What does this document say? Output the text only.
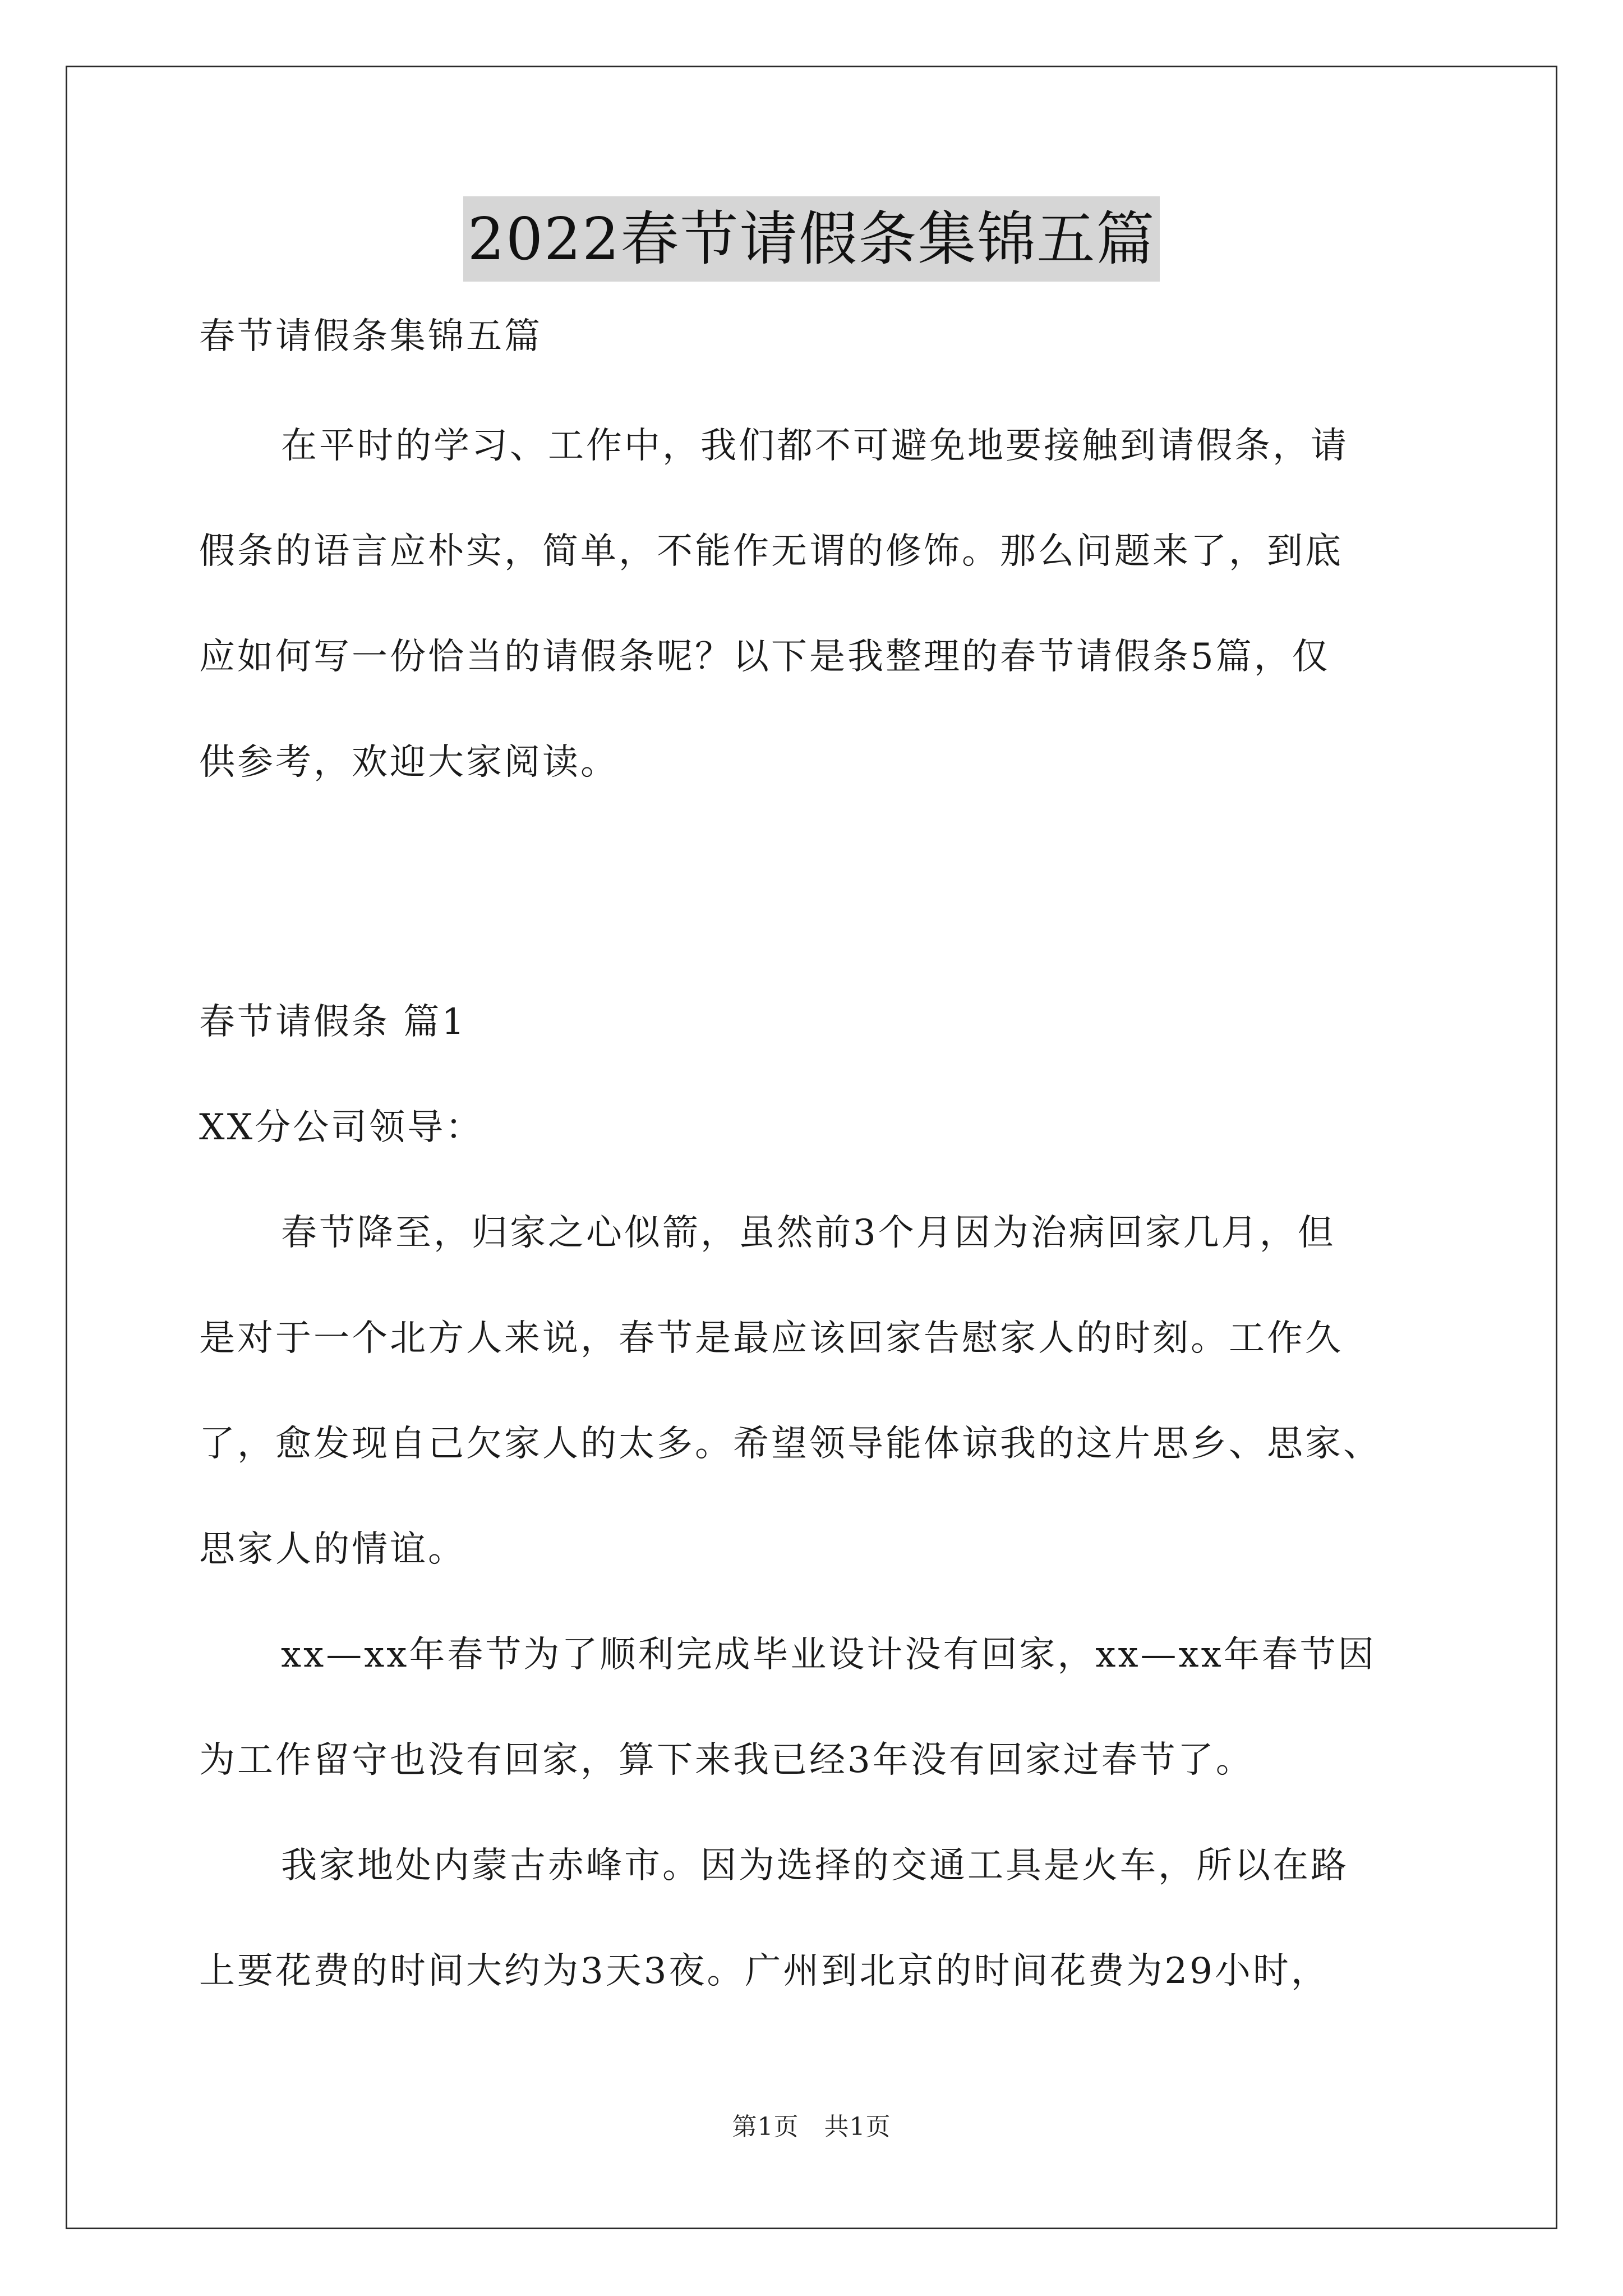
2022春节请假条集锦五篇
春节请假条集锦五篇
在平时的学习、工作中，我们都不可避免地要接触到请假条，请
假条的语言应朴实，简单，不能作无谓的修饰。那么问题来了，到底
应如何写一份恰当的请假条呢？以下是我整理的春节请假条5篇，仅
供参考，欢迎大家阅读。
春节请假条 篇1
XX分公司领导：
春节降至，归家之心似箭，虽然前3个月因为治病回家几月，但
是对于一个北方人来说，春节是最应该回家告慰家人的时刻。工作久
了，愈发现自己欠家人的太多。希望领导能体谅我的这片思乡、思家、
思家人的情谊。
xx—xx年春节为了顺利完成毕业设计没有回家，xx—xx年春节因
为工作留守也没有回家，算下来我已经3年没有回家过春节了。
我家地处内蒙古赤峰市。因为选择的交通工具是火车，所以在路
上要花费的时间大约为3天3夜。广州到北京的时间花费为29小时，
第1页　共1页
